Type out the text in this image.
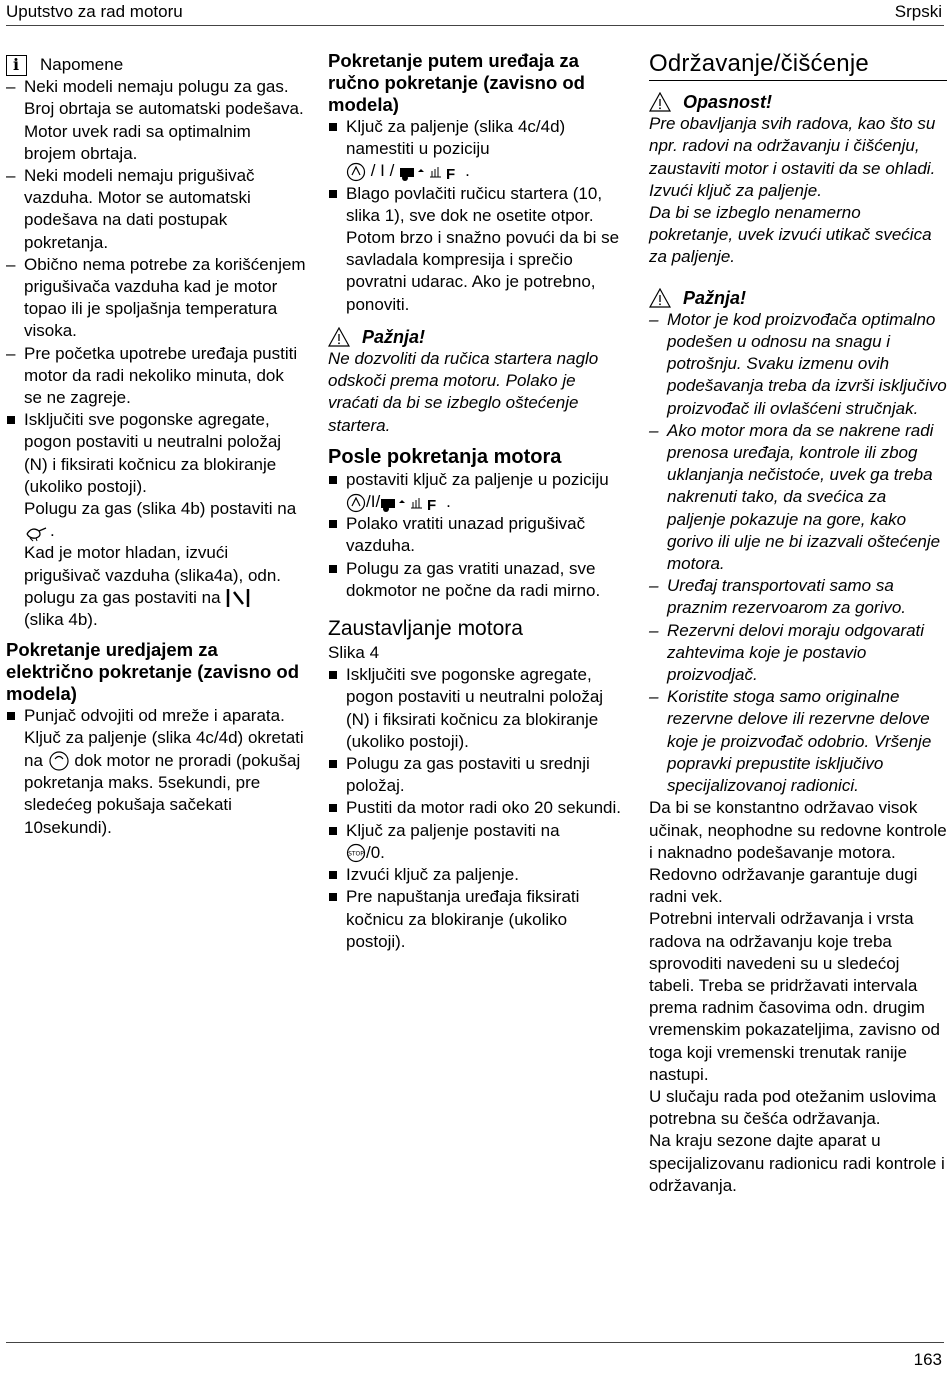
Uputstvo za rad motoru	Srpski
i
Napomene
– Neki modeli nemaju polugu za gas. Broj obrtaja se automatski podešava. Motor uvek radi sa optimalnim brojem obrtaja.
– Neki modeli nemaju prigušivač vazduha. Motor se automatski podešava na dati postupak pokretanja.
– Obično nema potrebe za korišćenjem prigušivača vazduha kad je motor topao ili je spoljašnja temperatura visoka.
– Pre početka upotrebe uređaja pustiti motor da radi nekoliko minuta, dok se ne zagreje.
Isključiti sve pogonske agregate, pogon postaviti u neutralni položaj (N) i fiksirati kočnicu za blokiranje (ukoliko postoji).
Polugu za gas (slika 4b) postaviti na .
Kad je motor hladan, izvući prigušivač vazduha (slika4a), odn. polugu za gas postaviti na
(slika 4b).
Pokretanje uredjajem za električno pokretanje (zavisno od modela)
Punjač odvojiti od mreže i aparata.
Ključ za paljenje (slika 4c/4d) okretati na dok motor ne proradi (pokušaj pokretanja maks. 5sekundi, pre sledećeg pokušaja sačekati 10sekundi).
Pokretanje putem uređaja za ručno pokretanje (zavisno od modela)
Ključ za paljenje (slika 4c/4d) namestiti u poziciju
/ I /	F .
Blago povlačiti ručicu startera (10, slika 1), sve dok ne osetite otpor. Potom brzo i snažno povući da bi se savladala kompresija i sprečio povratni udarac. Ako je potrebno, ponoviti.
Pažnja!
Ne dozvoliti da ručica startera naglo odskoči prema motoru. Polako je vraćati da bi se izbeglo oštećenje startera.
Posle pokretanja motora
postaviti ključ za paljenje u poziciju /I/	F .
Polako vratiti unazad prigušivač vazduha.
Polugu za gas vratiti unazad, sve dokmotor ne počne da radi mirno.
Zaustavljanje motora
Slika 4
Isključiti sve pogonske agregate, pogon postaviti u neutralni položaj (N) i fiksirati kočnicu za blokiranje (ukoliko postoji).
Polugu za gas postaviti u srednji položaj.
Pustiti da motor radi oko 20 sekundi.
Ključ za paljenje postaviti na

STOP /0.
Izvući ključ za paljenje.
Pre napuštanja uređaja fiksirati kočnicu za blokiranje (ukoliko postoji).
Održavanje/čišćenje
Opasnost!
Pre obavljanja svih radova, kao što su npr. radovi na održavanju i čišćenju, zaustaviti motor i ostaviti da se ohladi. Izvući ključ za paljenje.
Da bi se izbeglo nenamerno pokretanje, uvek izvući utikač svećica za paljenje.
Pažnja!
– Motor je kod proizvođača optimalno podešen u odnosu na snagu i potrošnju. Svaku izmenu ovih podešavanja treba da izvrši isključivo proizvođač ili ovlašćeni stručnjak.
– Ako motor mora da se nakrene radi prenosa uređaja, kontrole ili zbog uklanjanja nečistoće, uvek ga treba nakrenuti tako, da svećica za paljenje pokazuje na gore, kako gorivo ili ulje ne bi izazvali oštećenje motora.
– Uređaj transportovati samo sa praznim rezervoarom za gorivo.
– Rezervni delovi moraju odgovarati zahtevima koje je postavio proizvodjač.
– Koristite stoga samo originalne rezervne delove ili rezervne delove koje je proizvođač odobrio. Vršenje popravki prepustite isključivo specijalizovanoj radionici.
Da bi se konstantno održavao visok učinak, neophodne su redovne kontrole i naknadno podešavanje motora. Redovno održavanje garantuje dugi radni vek.
Potrebni intervali održavanja i vrsta radova na održavanju koje treba sprovoditi navedeni su u sledećoj tabeli. Treba se pridržavati intervala prema radnim časovima odn. drugim vremenskim pokazateljima, zavisno od toga koji vremenski trenutak ranije nastupi.
U slučaju rada pod otežanim uslovima potrebna su češća održavanja.
Na kraju sezone dajte aparat u specijalizovanu radionicu radi kontrole i održavanja.
163
